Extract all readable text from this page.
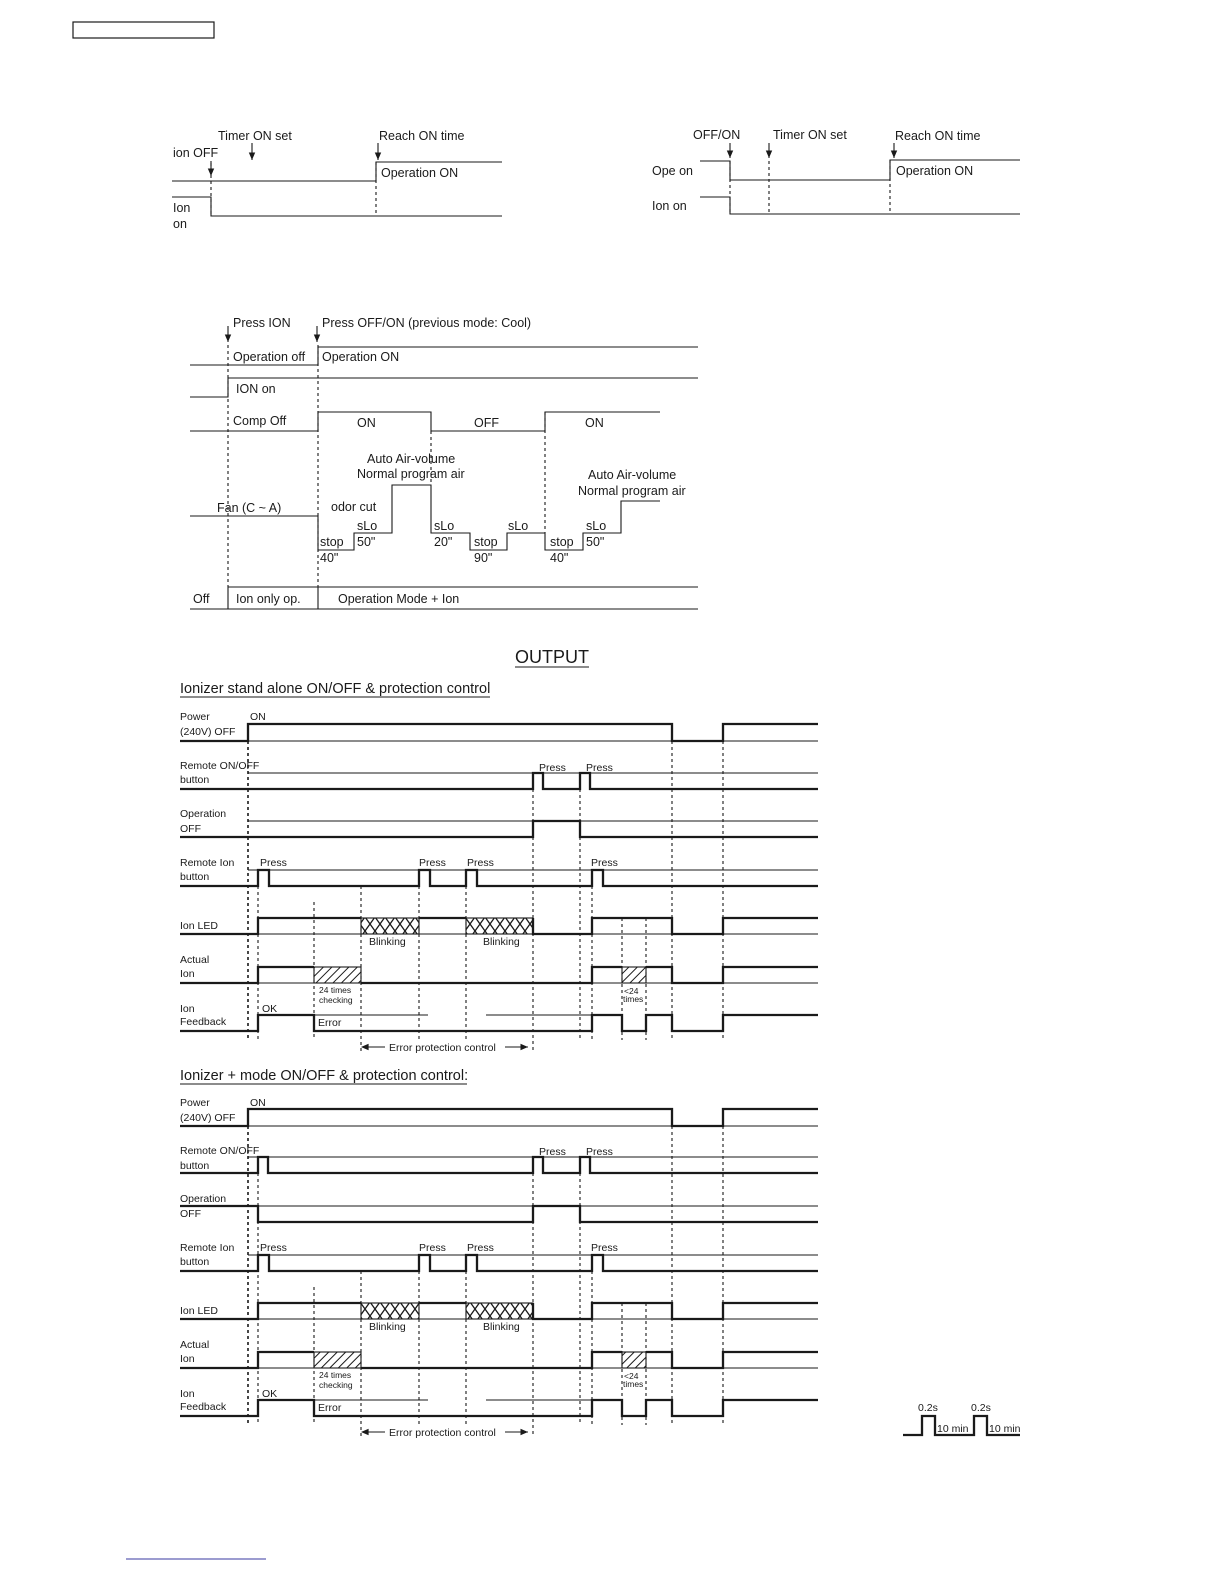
Timer ON set	Reach ON time
ion OFF
Operation ON
Ion
on
OFF/ON	Timer ON set	Reach ON time
Ope on
Ion on
Operation ON
Press ION	Press OFF/ON (previous mode: Cool)
Operation off Operation ON
ION on
Comp Off	ON	OFF	ON
Auto Air-volume
Normal program air	Auto Air-volume
Normal program air
Fan (C ~ A)	odor cut
sLo
50"
stop
40"
sLo
20" stop
90"
sLo
stop
40"
sLo
50"
Off Ion only op.	Operation Mode + Ion
OUTPUT
Ionizer stand alone ON/OFF & protection control
Power
(240V) OFF
ON
Remote ON/OFF
button
Press Press
Operation
OFF
Remote Ion
button
Press	Press Press	Press
Ion LED
Blinking	Blinking
Actual
Ion
24 times
checking
<24
times
Ion
Feedback
OK
Error
Error protection control
Ionizer + mode ON/OFF & protection control:
Power
(240V) OFF
ON
Remote ON/OFF
button
Press Press
Operation
OFF
Remote Ion
button
Press	Press Press	Press
Ion LED
Blinking	Blinking
Actual
Ion
24 times
checking
<24
times
Ion
Feedback
OK
Error
Error protection control
0.2s	0.2s
10 min 10 min
